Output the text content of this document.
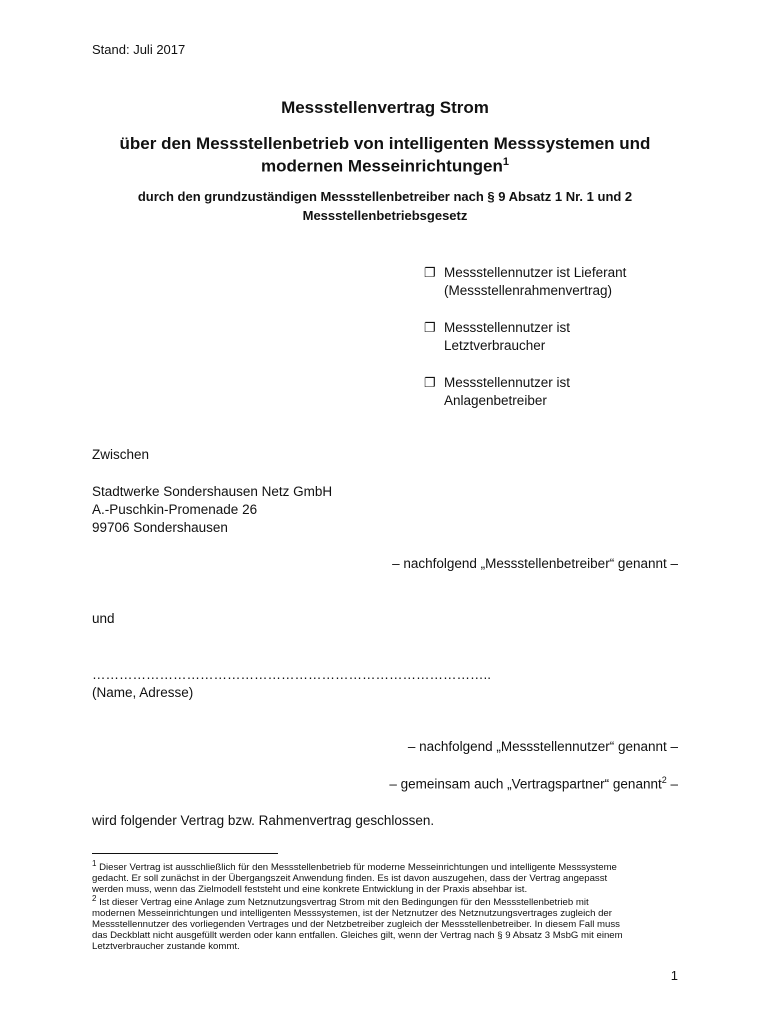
Stand: Juli 2017
Messstellenvertrag Strom
über den Messstellenbetrieb von intelligenten Messsystemen und
modernen Messeinrichtungen$^1$
durch den grundzuständigen Messstellenbetreiber nach § 9 Absatz 1 Nr. 1 und 2
Messstellenbetriebsgesetz
❐ Messstellennutzer ist Lieferant
(Messstellenrahmenvertrag)
❐ Messstellennutzer ist
Letztverbraucher
❐ Messstellennutzer ist
Anlagenbetreiber
Zwischen
Stadtwerke Sondershausen Netz GmbH
A.-Puschkin-Promenade 26
99706 Sondershausen
– nachfolgend „Messstellenbetreiber“ genannt –
und
……………………………………………………………………………..
(Name, Adresse)
– nachfolgend „Messstellennutzer“ genannt –
– gemeinsam auch „Vertragspartner“ genannt$^2$ –
wird folgender Vertrag bzw. Rahmenvertrag geschlossen.
$^1$ Dieser Vertrag ist ausschließlich für den Messstellenbetrieb für moderne Messeinrichtungen und intelligente Messsysteme
gedacht. Er soll zunächst in der Übergangszeit Anwendung finden. Es ist davon auszugehen, dass der Vertrag angepasst
werden muss, wenn das Zielmodell feststeht und eine konkrete Entwicklung in der Praxis absehbar ist.
$^2$ Ist dieser Vertrag eine Anlage zum Netznutzungsvertrag Strom mit den Bedingungen für den Messstellenbetrieb mit
modernen Messeinrichtungen und intelligenten Messsystemen, ist der Netznutzer des Netznutzungsvertrages zugleich der
Messstellennutzer des vorliegenden Vertrages und der Netzbetreiber zugleich der Messstellenbetreiber. In diesem Fall muss
das Deckblatt nicht ausgefüllt werden oder kann entfallen. Gleiches gilt, wenn der Vertrag nach § 9 Absatz 3 MsbG mit einem
Letztverbraucher zustande kommt.
1
